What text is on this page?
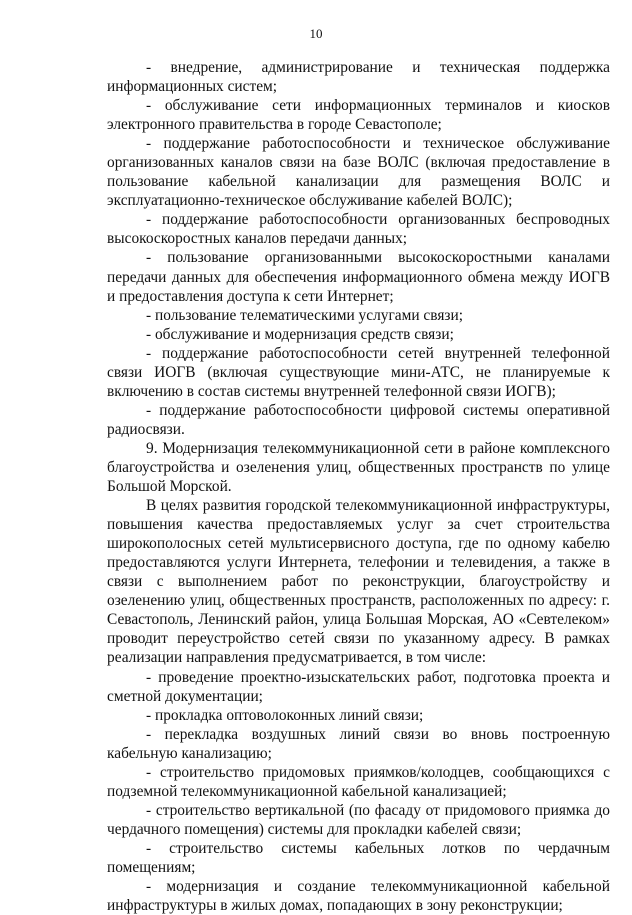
10

- внедрение, администрирование и техническая поддержка информационных систем;

- обслуживание сети информационных терминалов и киосков электронного правительства в городе Севастополе;

- поддержание работоспособности и техническое обслуживание организованных каналов связи на базе ВОЛС (включая предоставление в пользование кабельной канализации для размещения ВОЛС и эксплуатационно-техническое обслуживание кабелей ВОЛС);

- поддержание работоспособности организованных беспроводных высокоскоростных каналов передачи данных;

- пользование организованными высокоскоростными каналами передачи данных для обеспечения информационного обмена между ИОГВ и предоставления доступа к сети Интернет;

- пользование телематическими услугами связи;

- обслуживание и модернизация средств связи;

- поддержание работоспособности сетей внутренней телефонной связи ИОГВ (включая существующие мини-АТС, не планируемые к включению в состав системы внутренней телефонной связи ИОГВ);

- поддержание работоспособности цифровой системы оперативной радиосвязи.

9. Модернизация телекоммуникационной сети в районе комплексного благоустройства и озеленения улиц, общественных пространств по улице Большой Морской.

В целях развития городской телекоммуникационной инфраструктуры, повышения качества предоставляемых услуг за счет строительства широкополосных сетей мультисервисного доступа, где по одному кабелю предоставляются услуги Интернета, телефонии и телевидения, а также в связи с выполнением работ по реконструкции, благоустройству и озеленению улиц, общественных пространств, расположенных по адресу: г. Севастополь, Ленинский район, улица Большая Морская, АО «Севтелеком» проводит переустройство сетей связи по указанному адресу. В рамках реализации направления предусматривается, в том числе:

- проведение проектно-изыскательских работ, подготовка проекта и сметной документации;

- прокладка оптоволоконных линий связи;

- перекладка воздушных линий связи во вновь построенную кабельную канализацию;

- строительство придомовых приямков/колодцев, сообщающихся с подземной телекоммуникационной кабельной канализацией;

- строительство вертикальной (по фасаду от придомового приямка до чердачного помещения) системы для прокладки кабелей связи;

- строительство системы кабельных лотков по чердачным помещениям;

- модернизация и создание телекоммуникационной кабельной инфраструктуры в жилых домах, попадающих в зону реконструкции;
